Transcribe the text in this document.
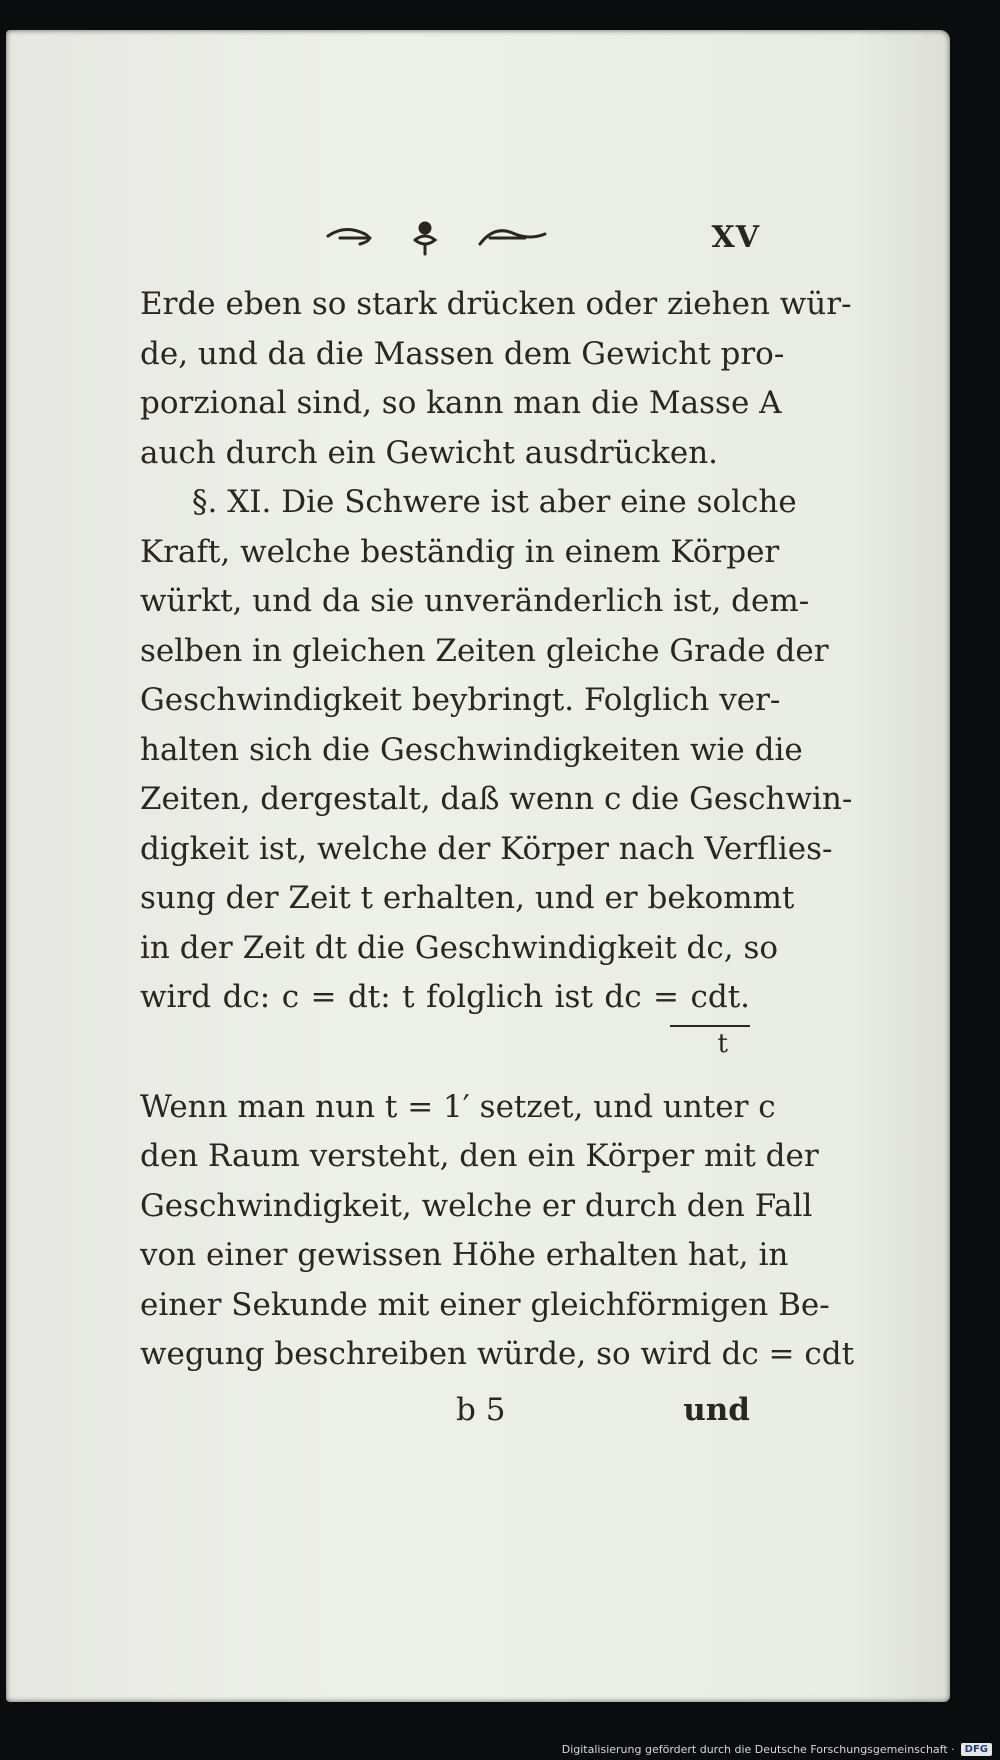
XV
Erde eben so stark drücken oder ziehen wür-
de, und da die Massen dem Gewicht pro-
porzional sind, so kann man die Masse A
auch durch ein Gewicht ausdrücken.
§. XI. Die Schwere ist aber eine solche
Kraft, welche beständig in einem Körper
würkt, und da sie unveränderlich ist, dem-
selben in gleichen Zeiten gleiche Grade der
Geschwindigkeit beybringt. Folglich ver-
halten sich die Geschwindigkeiten wie die
Zeiten, dergestalt, daß wenn c die Geschwin-
digkeit ist, welche der Körper nach Verflies-
sung der Zeit t erhalten, und er bekommt
in der Zeit dt die Geschwindigkeit dc, so
wird dc: c = dt: t folglich ist dc = cdt.
t
Wenn man nun t = 1′ setzet, und unter c
den Raum versteht, den ein Körper mit der
Geschwindigkeit, welche er durch den Fall
von einer gewissen Höhe erhalten hat, in
einer Sekunde mit einer gleichförmigen Be-
wegung beschreiben würde, so wird dc = cdt
b 5	und
Digitalisierung gefördert durch die Deutsche Forschungsgemeinschaft ·	DFG
